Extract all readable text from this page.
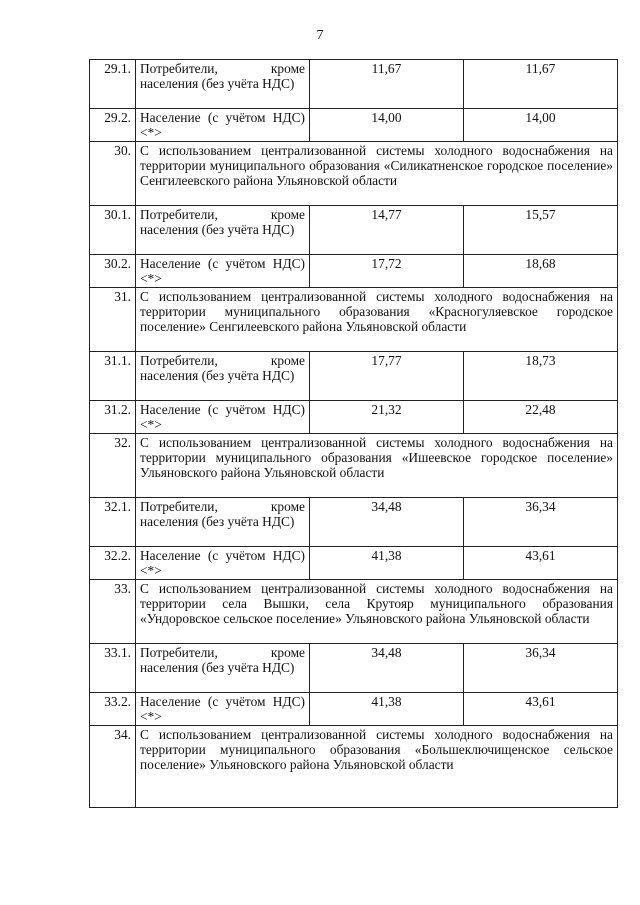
7
29.1.	Потребители, кроме населения (без учёта НДС)	11,67	11,67
29.2.	Население (с учётом НДС) <*>	14,00	14,00
30.	С использованием централизованной системы холодного водоснабжения на территории муниципального образования «Силикатненское городское поселение» Сенгилеевского района Ульяновской области		
30.1.	Потребители, кроме населения (без учёта НДС)	14,77	15,57
30.2.	Население (с учётом НДС) <*>	17,72	18,68
31.	С использованием централизованной системы холодного водоснабжения на территории муниципального образования «Красногуляевское городское поселение» Сенгилеевского района Ульяновской области		
31.1.	Потребители, кроме населения (без учёта НДС)	17,77	18,73
31.2.	Население (с учётом НДС) <*>	21,32	22,48
32.	С использованием централизованной системы холодного водоснабжения на территории муниципального образования «Ишеевское городское поселение» Ульяновского района Ульяновской области		
32.1.	Потребители, кроме населения (без учёта НДС)	34,48	36,34
32.2.	Население (с учётом НДС) <*>	41,38	43,61
33.	С использованием централизованной системы холодного водоснабжения на территории села Вышки, села Крутояр муниципального образования «Ундоровское сельское поселение» Ульяновского района Ульяновской области		
33.1.	Потребители, кроме населения (без учёта НДС)	34,48	36,34
33.2.	Население (с учётом НДС) <*>	41,38	43,61
34.	С использованием централизованной системы холодного водоснабжения на территории муниципального образования «Большеключищенское сельское поселение» Ульяновского района Ульяновской области		
